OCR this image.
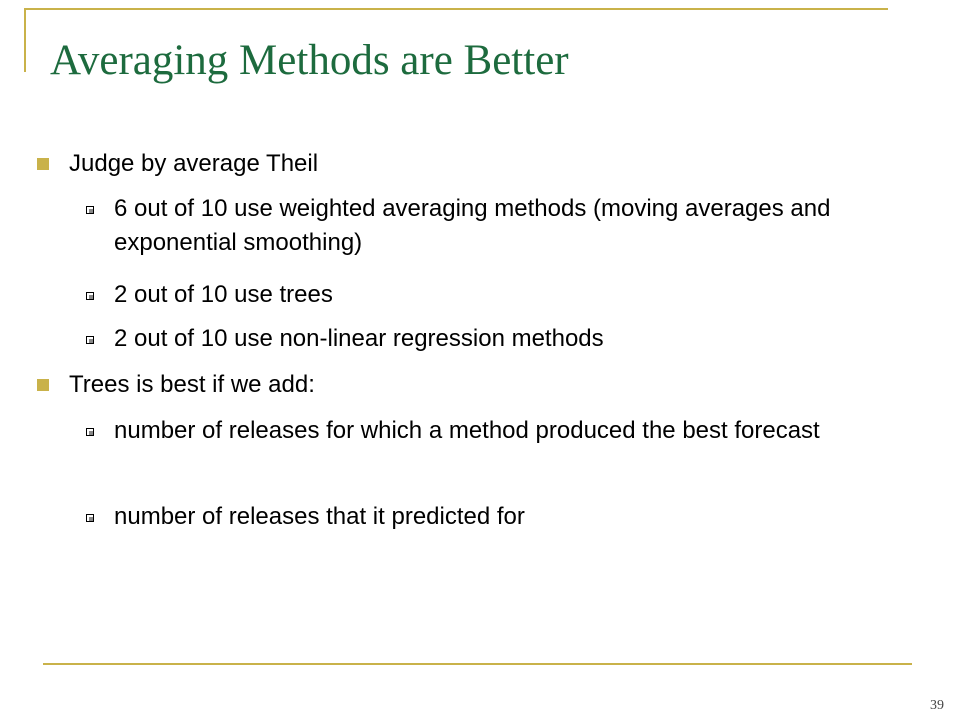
Averaging Methods are Better
Judge by average Theil
6 out of 10 use weighted averaging methods (moving averages and exponential smoothing)
2 out of 10 use trees
2 out of 10 use non-linear regression methods
Trees is best if we add:
number of releases for which a method produced the best forecast
number of releases that it predicted for
39
